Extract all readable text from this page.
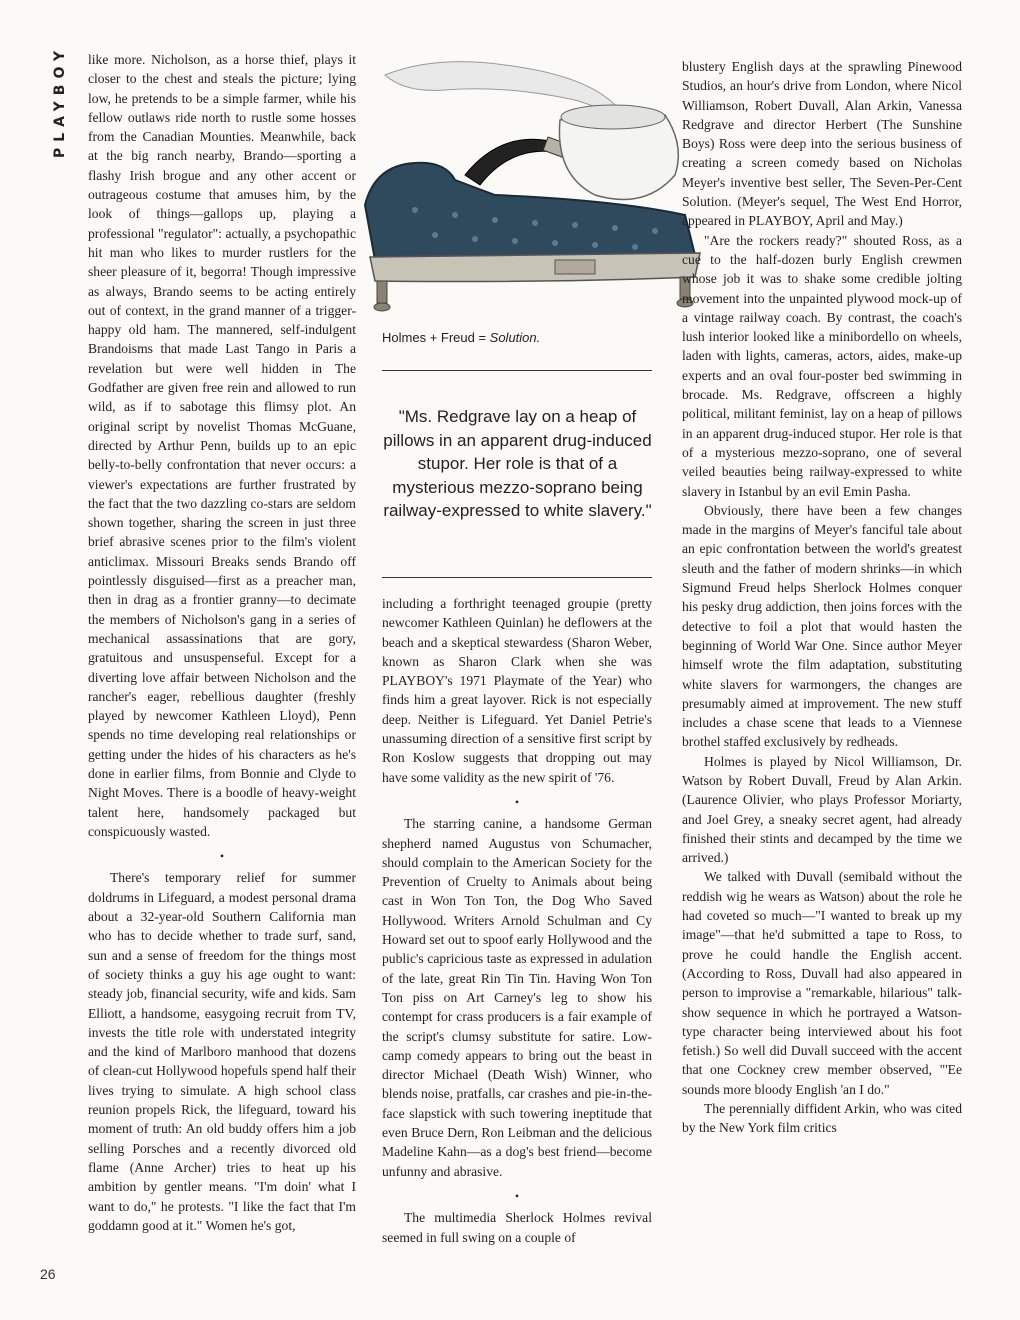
PLAYBOY
Holmes + Freud = Solution.
"Ms. Redgrave lay on a heap of pillows in an apparent drug-induced stupor. Her role is that of a mysterious mezzo-soprano being railway-expressed to white slavery."

like more. Nicholson, as a horse thief, plays it closer to the chest and steals the picture; lying low, he pretends to be a simple farmer, while his fellow outlaws ride north to rustle some hosses from the Canadian Mounties. Meanwhile, back at the big ranch nearby, Brando—sporting a flashy Irish brogue and any other accent or outrageous costume that amuses him, by the look of things—gallops up, playing a professional "regulator": actually, a psychopathic hit man who likes to murder rustlers for the sheer pleasure of it, begorra! Though impressive as always, Brando seems to be acting entirely out of context, in the grand manner of a trigger-happy old ham. The mannered, self-indulgent Brandoisms that made Last Tango in Paris a revelation but were well hidden in The Godfather are given free rein and allowed to run wild, as if to sabotage this flimsy plot. An original script by novelist Thomas McGuane, directed by Arthur Penn, builds up to an epic belly-to-belly confrontation that never occurs: a viewer's expectations are further frustrated by the fact that the two dazzling co-stars are seldom shown together, sharing the screen in just three brief abrasive scenes prior to the film's violent anticlimax. Missouri Breaks sends Brando off pointlessly disguised—first as a preacher man, then in drag as a frontier granny—to decimate the members of Nicholson's gang in a series of mechanical assassinations that are gory, gratuitous and unsuspenseful. Except for a diverting love affair between Nicholson and the rancher's eager, rebellious daughter (freshly played by newcomer Kathleen Lloyd), Penn spends no time developing real relationships or getting under the hides of his characters as he's done in earlier films, from Bonnie and Clyde to Night Moves. There is a boodle of heavy-weight talent here, handsomely packaged but conspicuously wasted.

•

There's temporary relief for summer doldrums in Lifeguard, a modest personal drama about a 32-year-old Southern California man who has to decide whether to trade surf, sand, sun and a sense of freedom for the things most of society thinks a guy his age ought to want: steady job, financial security, wife and kids. Sam Elliott, a handsome, easygoing recruit from TV, invests the title role with understated integrity and the kind of Marlboro manhood that dozens of clean-cut Hollywood hopefuls spend half their lives trying to simulate. A high school class reunion propels Rick, the lifeguard, toward his moment of truth: An old buddy offers him a job selling Porsches and a recently divorced old flame (Anne Archer) tries to heat up his ambition by gentler means. "I'm doin' what I want to do," he protests. "I like the fact that I'm goddamn good at it." Women he's got,

including a forthright teenaged groupie (pretty newcomer Kathleen Quinlan) he deflowers at the beach and a skeptical stewardess (Sharon Weber, known as Sharon Clark when she was PLAYBOY's 1971 Playmate of the Year) who finds him a great layover. Rick is not especially deep. Neither is Lifeguard. Yet Daniel Petrie's unassuming direction of a sensitive first script by Ron Koslow suggests that dropping out may have some validity as the new spirit of '76.

•

The starring canine, a handsome German shepherd named Augustus von Schumacher, should complain to the American Society for the Prevention of Cruelty to Animals about being cast in Won Ton Ton, the Dog Who Saved Hollywood. Writers Arnold Schulman and Cy Howard set out to spoof early Hollywood and the public's capricious taste as expressed in adulation of the late, great Rin Tin Tin. Having Won Ton Ton piss on Art Carney's leg to show his contempt for crass producers is a fair example of the script's clumsy substitute for satire. Low-camp comedy appears to bring out the beast in director Michael (Death Wish) Winner, who blends noise, pratfalls, car crashes and pie-in-the-face slapstick with such towering ineptitude that even Bruce Dern, Ron Leibman and the delicious Madeline Kahn—as a dog's best friend—become unfunny and abrasive.

•

The multimedia Sherlock Holmes revival seemed in full swing on a couple of

blustery English days at the sprawling Pinewood Studios, an hour's drive from London, where Nicol Williamson, Robert Duvall, Alan Arkin, Vanessa Redgrave and director Herbert (The Sunshine Boys) Ross were deep into the serious business of creating a screen comedy based on Nicholas Meyer's inventive best seller, The Seven-Per-Cent Solution. (Meyer's sequel, The West End Horror, appeared in PLAYBOY, April and May.)

"Are the rockers ready?" shouted Ross, as a cue to the half-dozen burly English crewmen whose job it was to shake some credible jolting movement into the unpainted plywood mock-up of a vintage railway coach. By contrast, the coach's lush interior looked like a minibordello on wheels, laden with lights, cameras, actors, aides, make-up experts and an oval four-poster bed swimming in brocade. Ms. Redgrave, offscreen a highly political, militant feminist, lay on a heap of pillows in an apparent drug-induced stupor. Her role is that of a mysterious mezzo-soprano, one of several veiled beauties being railway-expressed to white slavery in Istanbul by an evil Emin Pasha.

Obviously, there have been a few changes made in the margins of Meyer's fanciful tale about an epic confrontation between the world's greatest sleuth and the father of modern shrinks—in which Sigmund Freud helps Sherlock Holmes conquer his pesky drug addiction, then joins forces with the detective to foil a plot that would hasten the beginning of World War One. Since author Meyer himself wrote the film adaptation, substituting white slavers for warmongers, the changes are presumably aimed at improvement. The new stuff includes a chase scene that leads to a Viennese brothel staffed exclusively by redheads.

Holmes is played by Nicol Williamson, Dr. Watson by Robert Duvall, Freud by Alan Arkin. (Laurence Olivier, who plays Professor Moriarty, and Joel Grey, a sneaky secret agent, had already finished their stints and decamped by the time we arrived.)

We talked with Duvall (semibald without the reddish wig he wears as Watson) about the role he had coveted so much—"I wanted to break up my image"—that he'd submitted a tape to Ross, to prove he could handle the English accent. (According to Ross, Duvall had also appeared in person to improvise a "remarkable, hilarious" talk-show sequence in which he portrayed a Watson-type character being interviewed about his foot fetish.) So well did Duvall succeed with the accent that one Cockney crew member observed, "'Ee sounds more bloody English 'an I do."

The perennially diffident Arkin, who was cited by the New York film critics

26
